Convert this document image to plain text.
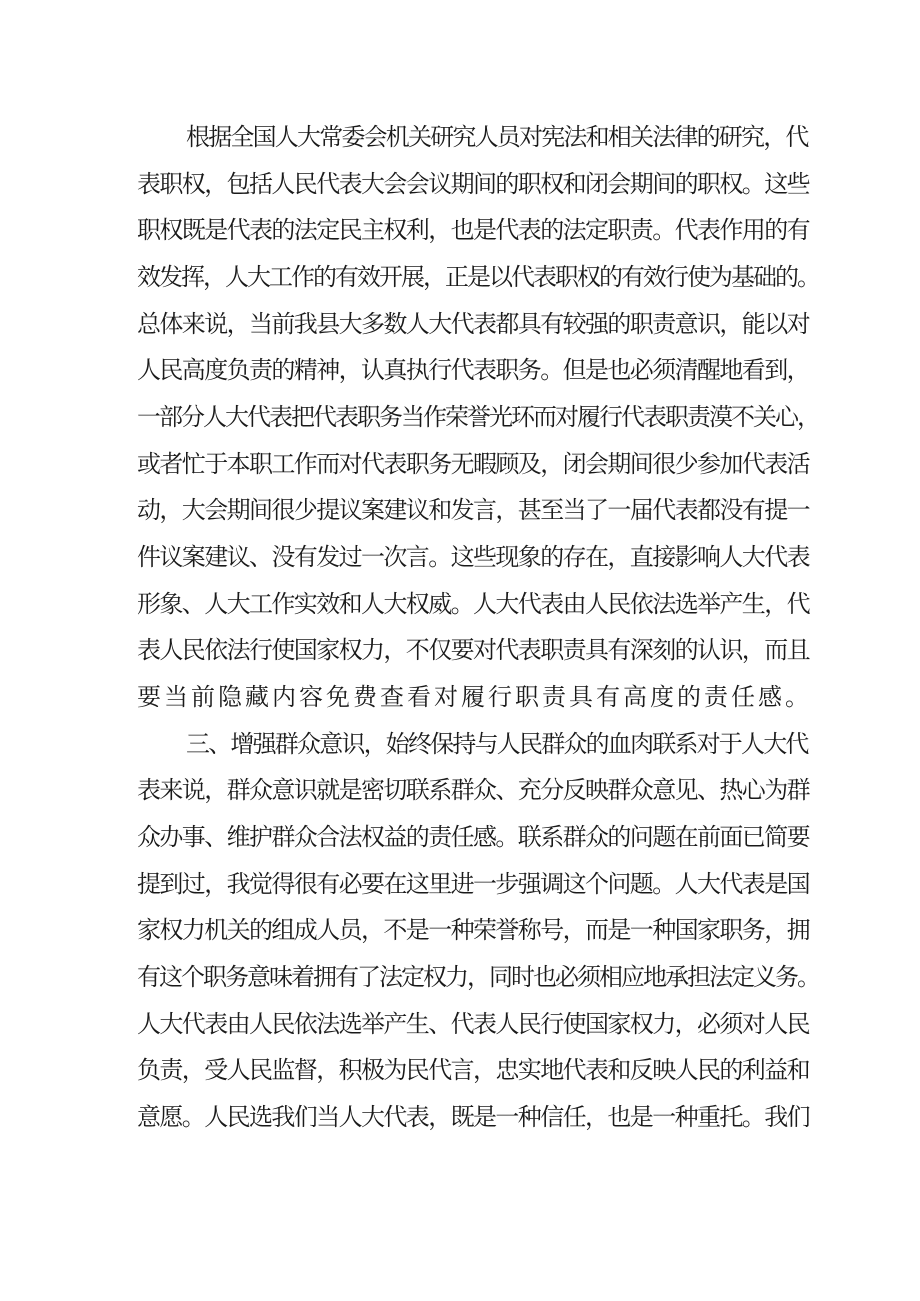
根据全国人大常委会机关研究人员对宪法和相关法律的研究，代
表职权，包括人民代表大会会议期间的职权和闭会期间的职权。这些
职权既是代表的法定民主权利，也是代表的法定职责。代表作用的有
效发挥，人大工作的有效开展，正是以代表职权的有效行使为基础的。
总体来说，当前我县大多数人大代表都具有较强的职责意识，能以对
人民高度负责的精神，认真执行代表职务。但是也必须清醒地看到，
一部分人大代表把代表职务当作荣誉光环而对履行代表职责漠不关心，
或者忙于本职工作而对代表职务无暇顾及，闭会期间很少参加代表活
动，大会期间很少提议案建议和发言，甚至当了一届代表都没有提一
件议案建议、没有发过一次言。这些现象的存在，直接影响人大代表
形象、人大工作实效和人大权威。人大代表由人民依法选举产生，代
表人民依法行使国家权力，不仅要对代表职责具有深刻的认识，而且
要当前隐藏内容免费查看对履行职责具有高度的责任感。
三、增强群众意识，始终保持与人民群众的血肉联系对于人大代
表来说，群众意识就是密切联系群众、充分反映群众意见、热心为群
众办事、维护群众合法权益的责任感。联系群众的问题在前面已简要
提到过，我觉得很有必要在这里进一步强调这个问题。人大代表是国
家权力机关的组成人员，不是一种荣誉称号，而是一种国家职务，拥
有这个职务意味着拥有了法定权力，同时也必须相应地承担法定义务。
人大代表由人民依法选举产生、代表人民行使国家权力，必须对人民
负责，受人民监督，积极为民代言，忠实地代表和反映人民的利益和
意愿。人民选我们当人大代表，既是一种信任，也是一种重托。我们
